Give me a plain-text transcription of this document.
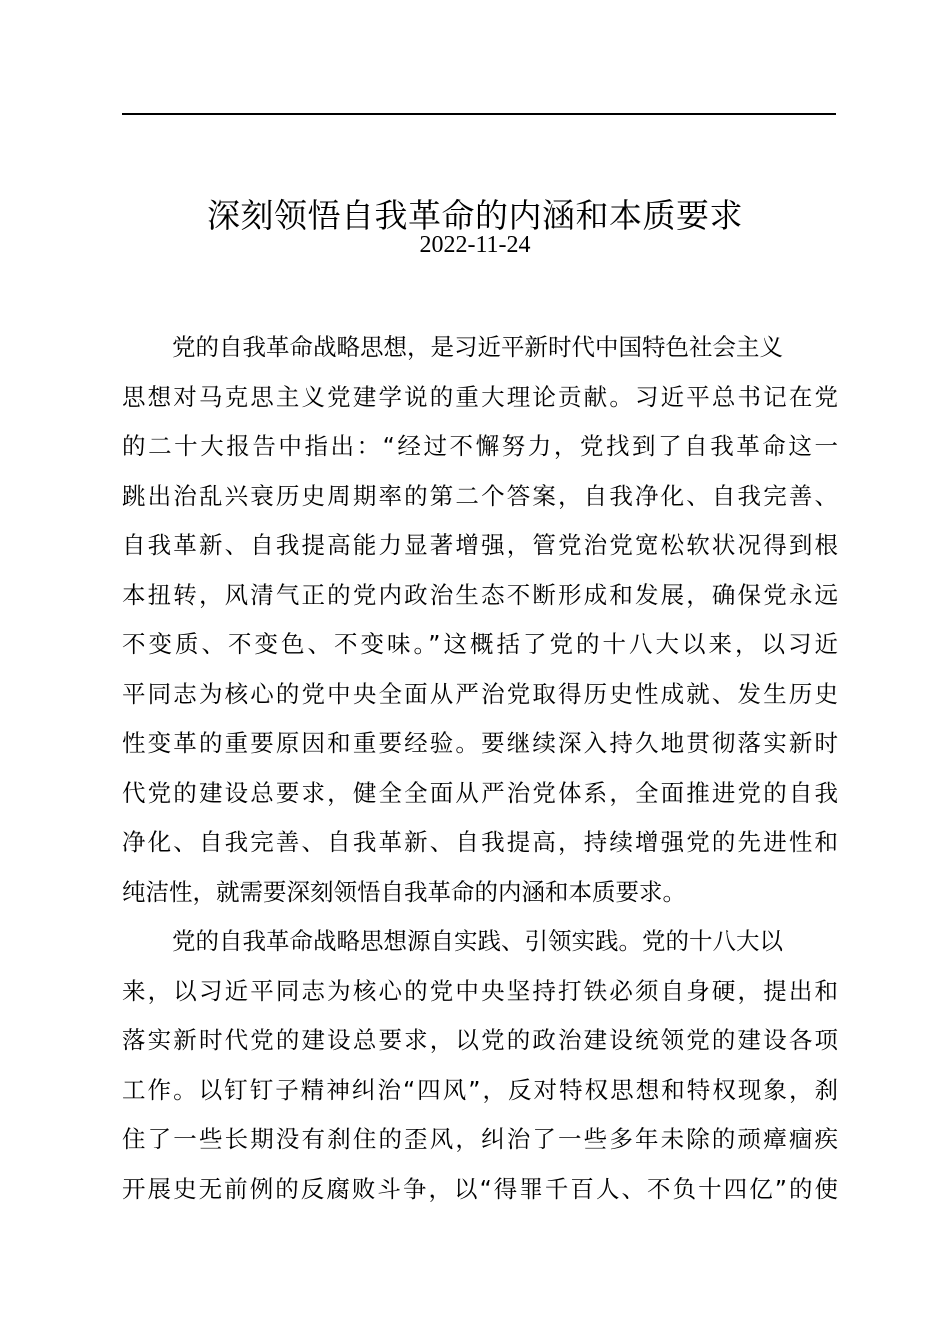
深刻领悟自我革命的内涵和本质要求
2022-11-24
党的自我革命战略思想，是习近平新时代中国特色社会主义
思想对马克思主义党建学说的重大理论贡献。习近平总书记在党
的二十大报告中指出：“经过不懈努力，党找到了自我革命这一
跳出治乱兴衰历史周期率的第二个答案，自我净化、自我完善、
自我革新、自我提高能力显著增强，管党治党宽松软状况得到根
本扭转，风清气正的党内政治生态不断形成和发展，确保党永远
不变质、不变色、不变味。”这概括了党的十八大以来，以习近
平同志为核心的党中央全面从严治党取得历史性成就、发生历史
性变革的重要原因和重要经验。要继续深入持久地贯彻落实新时
代党的建设总要求，健全全面从严治党体系，全面推进党的自我
净化、自我完善、自我革新、自我提高，持续增强党的先进性和
纯洁性，就需要深刻领悟自我革命的内涵和本质要求。
党的自我革命战略思想源自实践、引领实践。党的十八大以
来，以习近平同志为核心的党中央坚持打铁必须自身硬，提出和
落实新时代党的建设总要求，以党的政治建设统领党的建设各项
工作。以钉钉子精神纠治“四风”，反对特权思想和特权现象，刹
住了一些长期没有刹住的歪风，纠治了一些多年未除的顽瘴痼疾
开展史无前例的反腐败斗争，以“得罪千百人、不负十四亿”的使
